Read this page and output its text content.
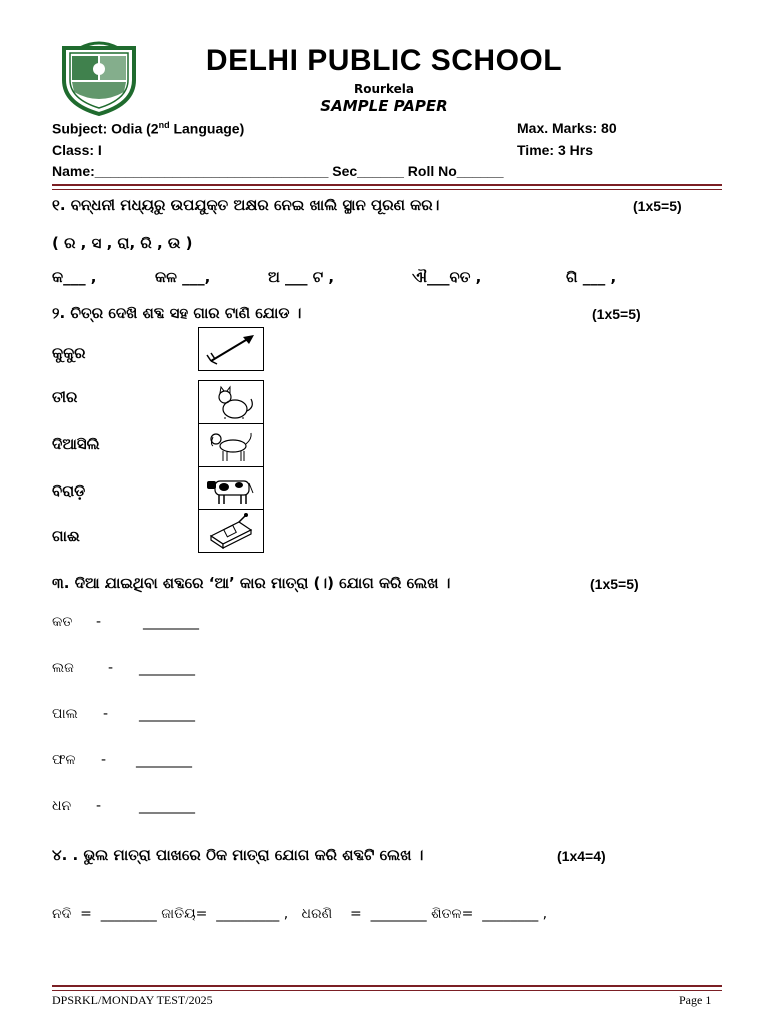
DELHI PUBLIC SCHOOL
Rourkela
SAMPLE PAPER
Subject: Odia (2nd Language)
Class: I
Name:______________________________ Sec______ Roll No______
Max. Marks: 80
Time: 3 Hrs
୧. ବନ୍ଧନୀ ମଧ୍ୟରୁ ଉପଯୁକ୍ତ ଅକ୍ଷର ନେଇ ଖାଲି ସ୍ଥାନ ପୂରଣ କର।	(1x5=5)
( ର , ସ , ରା, ରି , ଉ )
କ___ ,	କଳ ___,	ଅ ___ ଟ ,	ଐ___ବତ ,	ଗି ___ ,
୨. ଚିତ୍ର ଦେଖି ଶବ୍ଦ ସହ ଗାର ଟାଣି ଯୋଡ ।	(1x5=5)
କୁକୁର
ତୀର
ଦିଆସିଲି
ବିରାଡ଼ି
ଗାଈ
୩. ଦିଆ ଯାଇଥିବା ଶବ୍ଦରେ ‘ଆ’ କାର ମାତ୍ରା (।) ଯୋଗ କରି ଲେଖ ।	(1x5=5)
କତ -	________
ଲଜ - ________
ପାଲ - ________
ଫଳ - ________
ଧନ -	________
୪. . ଭୁଲ ମାତ୍ରା ପାଖରେ ଠିକ ମାତ୍ରା ଯୋଗ କରି ଶବ୍ଦଟି ଲେଖ ।	(1x4=4)
ନଦି  =  ________ ଜାତିୟ=  _________ ,   ଧରଣି    =  ________ ଶିତଳ=  ________ ,
DPSRKL/MONDAY TEST/2025	Page 1
